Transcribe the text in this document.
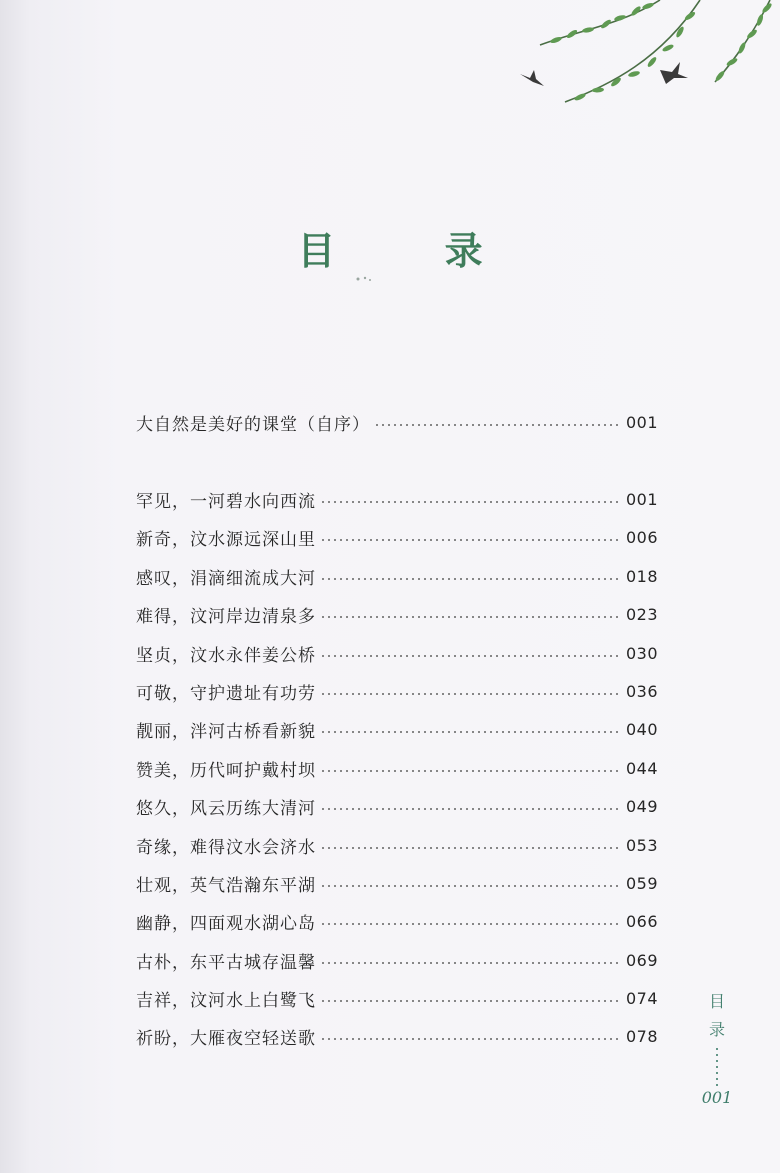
目 录
大自然是美好的课堂（自序）	001
罕见，一河碧水向西流	001
新奇，汶水源远深山里	006
感叹，涓滴细流成大河	018
难得，汶河岸边清泉多	023
坚贞，汶水永伴姜公桥	030
可敬，守护遗址有功劳	036
靓丽，泮河古桥看新貌	040
赞美，历代呵护戴村坝	044
悠久，风云历练大清河	049
奇缘，难得汶水会济水	053
壮观，英气浩瀚东平湖	059
幽静，四面观水湖心岛	066
古朴，东平古城存温馨	069
吉祥，汶河水上白鹭飞	074
祈盼，大雁夜空轻送歌	078
目
录
001
